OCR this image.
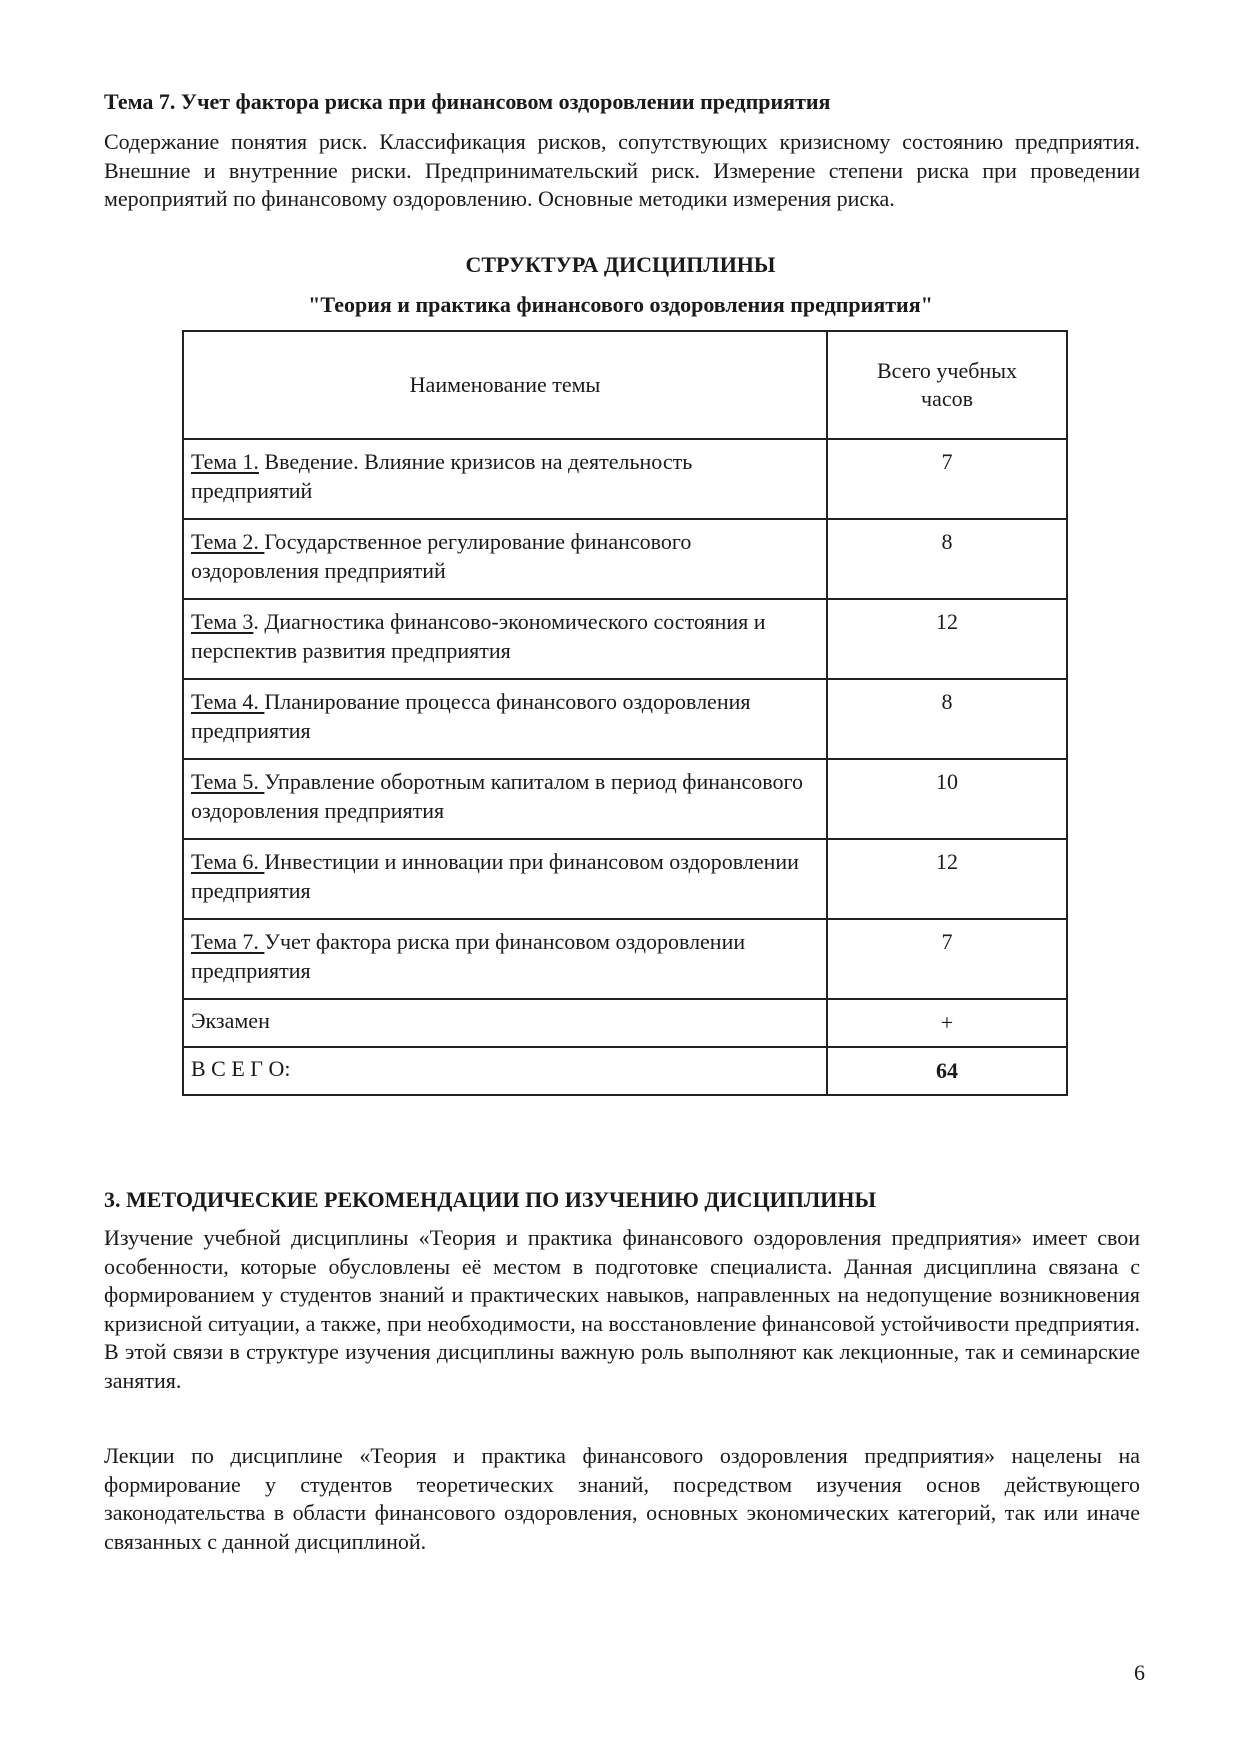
Тема 7. Учет фактора риска при финансовом оздоровлении предприятия

Содержание понятия риск. Классификация рисков, сопутствующих кризисному состоянию предприятия. Внешние и внутренние риски. Предпринимательский риск. Измерение степени риска при проведении мероприятий по финансовому оздоровлению. Основные методики измерения риска.

СТРУКТУРА ДИСЦИПЛИНЫ
"Теория и практика финансового оздоровления предприятия"
Наименование темы	Всего учебных часов
Тема 1. Введение. Влияние кризисов на деятельность предприятий	7
Тема 2. Государственное регулирование финансового оздоровления предприятий	8
Тема 3. Диагностика финансово-экономического состояния и перспектив развития предприятия	12
Тема 4. Планирование процесса финансового оздоровления предприятия	8
Тема 5. Управление оборотным капиталом в период финансового оздоровления предприятия	10
Тема 6. Инвестиции и инновации при финансовом оздоровлении предприятия	12
Тема 7. Учет фактора риска при финансовом оздоровлении предприятия	7
Экзамен	+
В С Е Г О:	64
3. МЕТОДИЧЕСКИЕ РЕКОМЕНДАЦИИ ПО ИЗУЧЕНИЮ ДИСЦИПЛИНЫ

Изучение учебной дисциплины «Теория и практика финансового оздоровления предприятия» имеет свои особенности, которые обусловлены её местом в подготовке специалиста. Данная дисциплина связана с формированием у студентов знаний и практических навыков, направленных на недопущение возникновения кризисной ситуации, а также, при необходимости, на восстановление финансовой устойчивости предприятия. В этой связи в структуре изучения дисциплины важную роль выполняют как лекционные, так и семинарские занятия.

Лекции по дисциплине «Теория и практика финансового оздоровления предприятия» нацелены на формирование у студентов теоретических знаний, посредством изучения основ действующего законодательства в области финансового оздоровления, основных экономических категорий, так или иначе связанных с данной дисциплиной.

6
